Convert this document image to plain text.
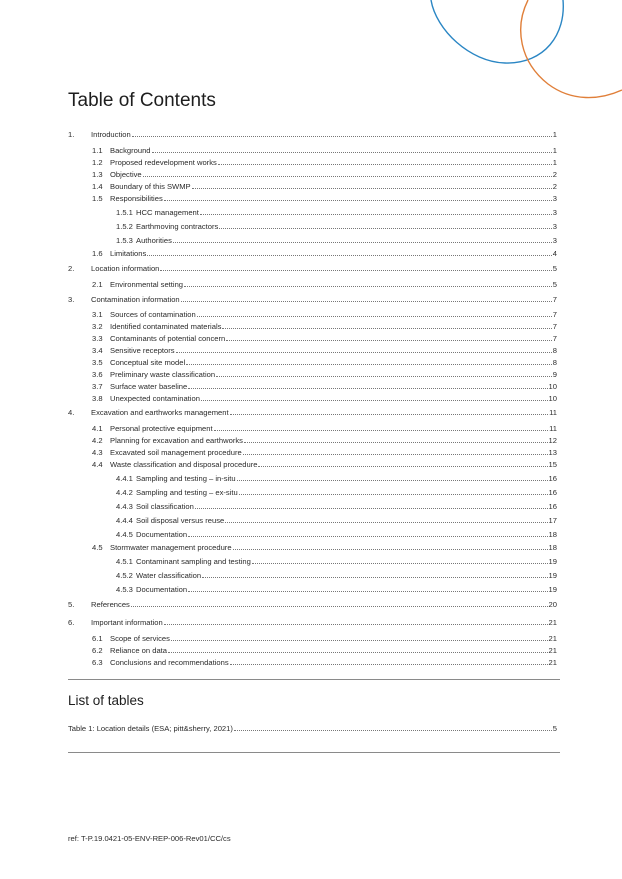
Table of Contents
1.	Introduction	1
1.1 Background	1
1.2 Proposed redevelopment works	1
1.3 Objective	2
1.4 Boundary of this SWMP	2
1.5 Responsibilities	3
1.5.1 HCC management	3
1.5.2 Earthmoving contractors	3
1.5.3 Authorities	3
1.6 Limitations	4
2.	Location information	5
2.1 Environmental setting	5
3.	Contamination information	7
3.1 Sources of contamination	7
3.2 Identified contaminated materials	7
3.3 Contaminants of potential concern	7
3.4 Sensitive receptors	8
3.5 Conceptual site model	8
3.6 Preliminary waste classification	9
3.7 Surface water baseline	10
3.8 Unexpected contamination	10
4.	Excavation and earthworks management	11
4.1 Personal protective equipment	11
4.2 Planning for excavation and earthworks	12
4.3 Excavated soil management procedure	13
4.4 Waste classification and disposal procedure	15
4.4.1 Sampling and testing – in-situ	16
4.4.2 Sampling and testing – ex-situ	16
4.4.3 Soil classification	16
4.4.4 Soil disposal versus reuse	17
4.4.5 Documentation	18
4.5 Stormwater management procedure	18
4.5.1 Contaminant sampling and testing	19
4.5.2 Water classification	19
4.5.3 Documentation	19
5.	References	20
6.	Important information	21
6.1 Scope of services	21
6.2 Reliance on data	21
6.3 Conclusions and recommendations	21
List of tables
Table 1: Location details (ESA; pitt&sherry, 2021)	5
ref: T-P.19.0421-05-ENV-REP-006-Rev01/CC/cs
